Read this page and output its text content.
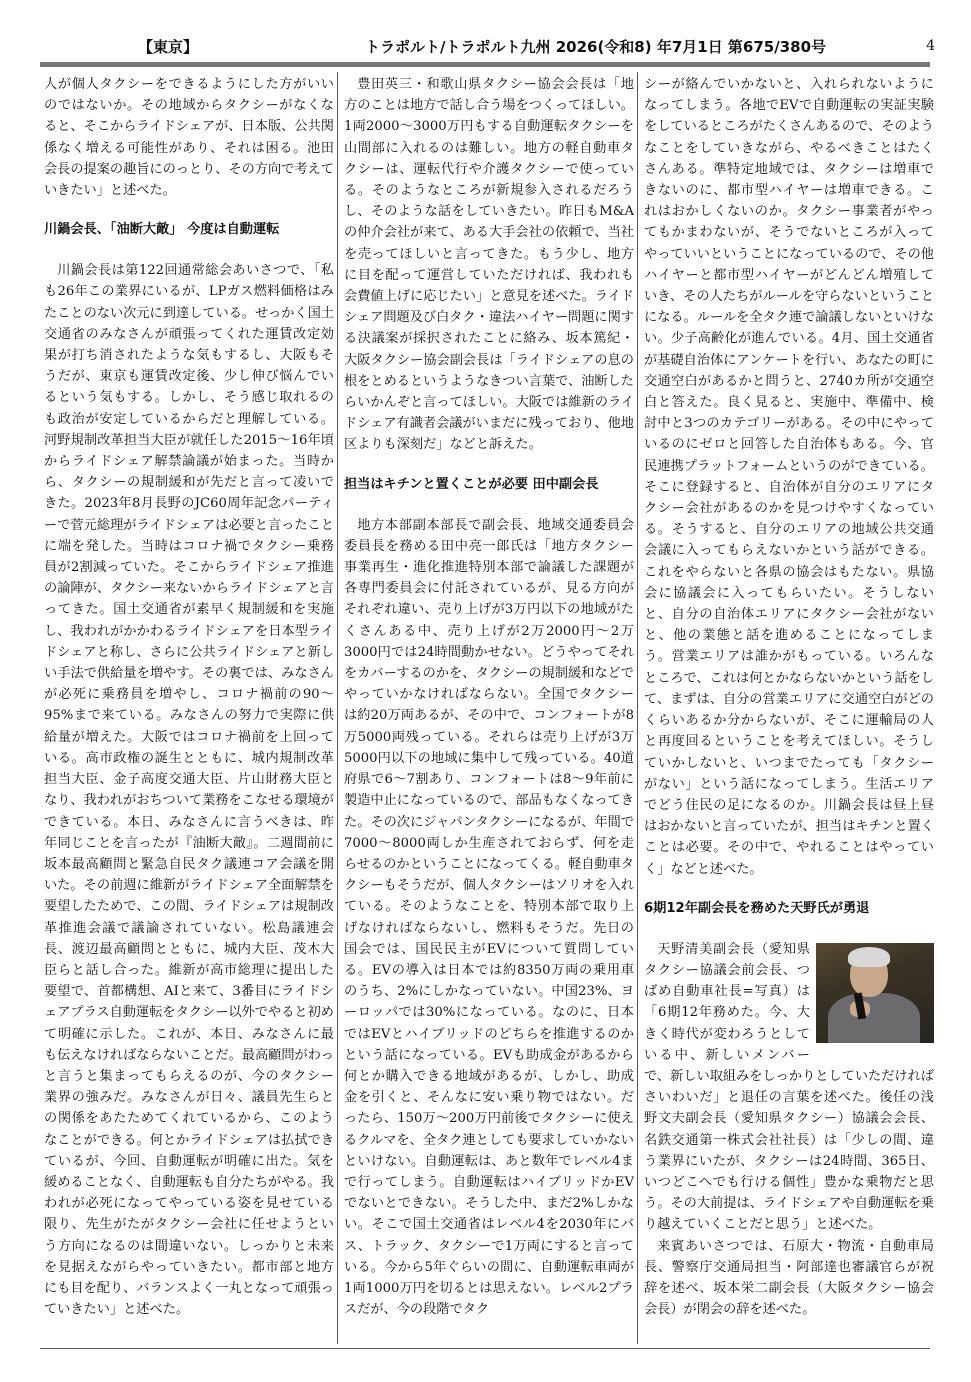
【東京】	トラポルト/トラポルト九州 2026(令和8) 年7月1日 第675/380号	4

人が個人タクシーをできるようにした方がいいのではないか。その地域からタクシーがなくなると、そこからライドシェアが、日本版、公共関係なく増える可能性があり、それは困る。池田会長の提案の趣旨にのっとり、その方向で考えていきたい」と述べた。

川鍋会長、「油断大敵」 今度は自動運転

川鍋会長は第122回通常総会あいさつで、「私も26年この業界にいるが、LPガス燃料価格はみたことのない次元に到達している。せっかく国土交通省のみなさんが頑張ってくれた運賃改定効果が打ち消されたような気もするし、大阪もそうだが、東京も運賃改定後、少し伸び悩んでいるという気もする。しかし、そう感じ取れるのも政治が安定しているからだと理解している。河野規制改革担当大臣が就任した2015～16年頃からライドシェア解禁論議が始まった。当時から、タクシーの規制緩和が先だと言って凌いできた。2023年8月長野のJC60周年記念パーティーで菅元総理がライドシェアは必要と言ったことに端を発した。当時はコロナ禍でタクシー乗務員が2割減っていた。そこからライドシェア推進の論陣が、タクシー来ないからライドシェアと言ってきた。国土交通省が素早く規制緩和を実施し、我われがかかわるライドシェアを日本型ライドシェアと称し、さらに公共ライドシェアと新しい手法で供給量を増やす。その裏では、みなさんが必死に乗務員を増やし、コロナ禍前の90～95%まで来ている。みなさんの努力で実際に供給量が増えた。大阪ではコロナ禍前を上回っている。高市政権の誕生とともに、城内規制改革担当大臣、金子高度交通大臣、片山財務大臣となり、我われがおちついて業務をこなせる環境ができている。本日、みなさんに言うべきは、昨年同じことを言ったが『油断大敵』。二週間前に坂本最高顧問と緊急自民タク議連コア会議を開いた。その前週に維新がライドシェア全面解禁を要望したためで、この間、ライドシェアは規制改革推進会議で議論されていない。松島議連会長、渡辺最高顧問とともに、城内大臣、茂木大臣らと話し合った。維新が高市総理に提出した要望で、首都構想、AIと来て、3番目にライドシェアプラス自動運転をタクシー以外でやると初めて明確に示した。これが、本日、みなさんに最も伝えなければならないことだ。最高顧問がわっと言うと集まってもらえるのが、今のタクシー業界の強みだ。みなさんが日々、議員先生らとの関係をあたためてくれているから、このようなことができる。何とかライドシェアは払拭できているが、今回、自動運転が明確に出た。気を緩めることなく、自動運転も自分たちがやる。我われが必死になってやっている姿を見せている限り、先生がたがタクシー会社に任せようという方向になるのは間違いない。しっかりと未来を見据えながらやっていきたい。都市部と地方にも目を配り、バランスよく一丸となって頑張っていきたい」と述べた。

豊田英三・和歌山県タクシー協会会長は「地方のことは地方で話し合う場をつくってほしい。1両2000～3000万円もする自動運転タクシーを山間部に入れるのは難しい。地方の軽自動車タクシーは、運転代行や介護タクシーで使っている。そのようなところが新規参入されるだろうし、そのような話をしていきたい。昨日もM&Aの仲介会社が来て、ある大手会社の依頼で、当社を売ってほしいと言ってきた。もう少し、地方に目を配って運営していただければ、我われも会費値上げに応じたい」と意見を述べた。ライドシェア問題及び白タク・違法ハイヤー問題に関する決議案が採択されたことに絡み、坂本篤紀・大阪タクシー協会副会長は「ライドシェアの息の根をとめるというようなきつい言葉で、油断したらいかんぞと言ってほしい。大阪では維新のライドシェア有識者会議がいまだに残っており、他地区よりも深刻だ」などと訴えた。

担当はキチンと置くことが必要 田中副会長

地方本部副本部長で副会長、地域交通委員会委員長を務める田中亮一郎氏は「地方タクシー事業再生・進化推進特別本部で論議した課題が各専門委員会に付託されているが、見る方向がそれぞれ違い、売り上げが3万円以下の地域がたくさんある中、売り上げが2万2000円～2万3000円では24時間動かせない。どうやってそれをカバーするのかを、タクシーの規制緩和などでやっていかなければならない。全国でタクシーは約20万両あるが、その中で、コンフォートが8万5000両残っている。それらは売り上げが3万5000円以下の地域に集中して残っている。40道府県で6～7割あり、コンフォートは8～9年前に製造中止になっているので、部品もなくなってきた。その次にジャパンタクシーになるが、年間で7000～8000両しか生産されておらず、何を走らせるのかということになってくる。軽自動車タクシーもそうだが、個人タクシーはソリオを入れている。そのようなことを、特別本部で取り上げなければならないし、燃料もそうだ。先日の国会では、国民民主がEVについて質問している。EVの導入は日本では約8350万両の乗用車のうち、2%にしかなっていない。中国23%、ヨーロッパでは30%になっている。なのに、日本ではEVとハイブリッドのどちらを推進するのかという話になっている。EVも助成金があるから何とか購入できる地域があるが、しかし、助成金を引くと、そんなに安い乗り物ではない。だったら、150万～200万円前後でタクシーに使えるクルマを、全タク連としても要求していかないといけない。自動運転は、あと数年でレベル4まで行ってしまう。自動運転はハイブリッドかEVでないとできない。そうした中、まだ2%しかない。そこで国土交通省はレベル4を2030年にバス、トラック、タクシーで1万両にすると言っている。今から5年ぐらいの間に、自動運転車両が1両1000万円を切るとは思えない。レベル2プラスだが、今の段階でタク

シーが絡んでいかないと、入れられないようになってしまう。各地でEVで自動運転の実証実験をしているところがたくさんあるので、そのようなことをしていきながら、やるべきことはたくさんある。準特定地域では、タクシーは増車できないのに、都市型ハイヤーは増車できる。これはおかしくないのか。タクシー事業者がやってもかまわないが、そうでないところが入ってやっていいということになっているので、その他ハイヤーと都市型ハイヤーがどんどん増殖していき、その人たちがルールを守らないということになる。ルールを全タク連で論議しないといけない。少子高齢化が進んでいる。4月、国土交通省が基礎自治体にアンケートを行い、あなたの町に交通空白があるかと問うと、2740カ所が交通空白と答えた。良く見ると、実施中、準備中、検討中と3つのカテゴリーがある。その中にやっているのにゼロと回答した自治体もある。今、官民連携プラットフォームというのができている。そこに登録すると、自治体が自分のエリアにタクシー会社があるのかを見つけやすくなっている。そうすると、自分のエリアの地域公共交通会議に入ってもらえないかという話ができる。これをやらないと各県の協会はもたない。県協会に協議会に入ってもらいたい。そうしないと、自分の自治体エリアにタクシー会社がないと、他の業態と話を進めることになってしまう。営業エリアは誰かがもっている。いろんなところで、これは何とかならないかという話をして、まずは、自分の営業エリアに交通空白がどのくらいあるか分からないが、そこに運輸局の人と再度回るということを考えてほしい。そうしていかしないと、いつまでたっても「タクシーがない」という話になってしまう。生活エリアでどう住民の足になるのか。川鍋会長は昼上昼はおかないと言っていたが、担当はキチンと置くことは必要。その中で、やれることはやっていく」などと述べた。

6期12年副会長を務めた天野氏が勇退

天野清美副会長（愛知県タクシー協議会前会長、つばめ自動車社長=写真）は「6期12年務めた。今、大きく時代が変わろうとしている中、新しいメンバーで、新しい取組みをしっかりとしていただければさいわいだ」と退任の言葉を述べた。後任の浅野文夫副会長（愛知県タクシー）協議会会長、名鉄交通第一株式会社社長）は「少しの間、違う業界にいたが、タクシーは24時間、365日、いつどこへでも行ける個性」豊かな乗物だと思う。その大前提は、ライドシェアや自動運転を乗り越えていくことだと思う」と述べた。

来賓あいさつでは、石原大・物流・自動車局長、警察庁交通局担当・阿部達也審議官らが祝辞を述べ、坂本栄二副会長（大阪タクシー協会会長）が閉会の辞を述べた。
